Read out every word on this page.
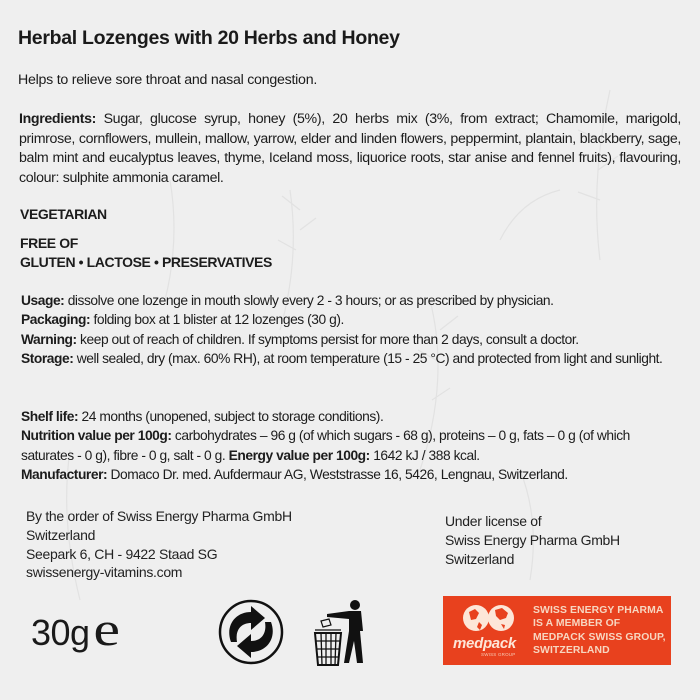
Herbal Lozenges with 20 Herbs and Honey
Helps to relieve sore throat and nasal congestion.
Ingredients: Sugar, glucose syrup, honey (5%), 20 herbs mix (3%, from extract; Chamomile, marigold, primrose, cornflowers, mullein, mallow, yarrow, elder and linden flowers, peppermint, plantain, blackberry, sage, balm mint and eucalyptus leaves, thyme, Iceland moss, liquorice roots, star anise and fennel fruits), flavouring, colour: sulphite ammonia caramel.
VEGETARIAN
FREE OF
GLUTEN • LACTOSE • PRESERVATIVES
Usage: dissolve one lozenge in mouth slowly every 2 - 3 hours; or as prescribed by physician.
Packaging: folding box at 1 blister at 12 lozenges (30 g).
Warning: keep out of reach of children. If symptoms persist for more than 2 days, consult a doctor.
Storage: well sealed, dry (max. 60% RH), at room temperature (15 - 25 °C) and protected from light and sunlight.
Shelf life: 24 months (unopened, subject to storage conditions).
Nutrition value per 100g: carbohydrates – 96 g (of which sugars - 68 g), proteins – 0 g, fats – 0 g (of which saturates - 0 g), fibre - 0 g, salt - 0 g. Energy value per 100g: 1642 kJ / 388 kcal.
Manufacturer: Domaco Dr. med. Aufdermaur AG, Weststrasse 16, 5426, Lengnau, Switzerland.
By the order of Swiss Energy Pharma GmbH
Switzerland
Seepark 6, CH - 9422 Staad SG
swissenergy-vitamins.com
Under license of
Swiss Energy Pharma GmbH
Switzerland
30g e	medpack
SWISS GROUP
SWISS ENERGY PHARMA
IS A MEMBER OF
MEDPACK SWISS GROUP,
SWITZERLAND
